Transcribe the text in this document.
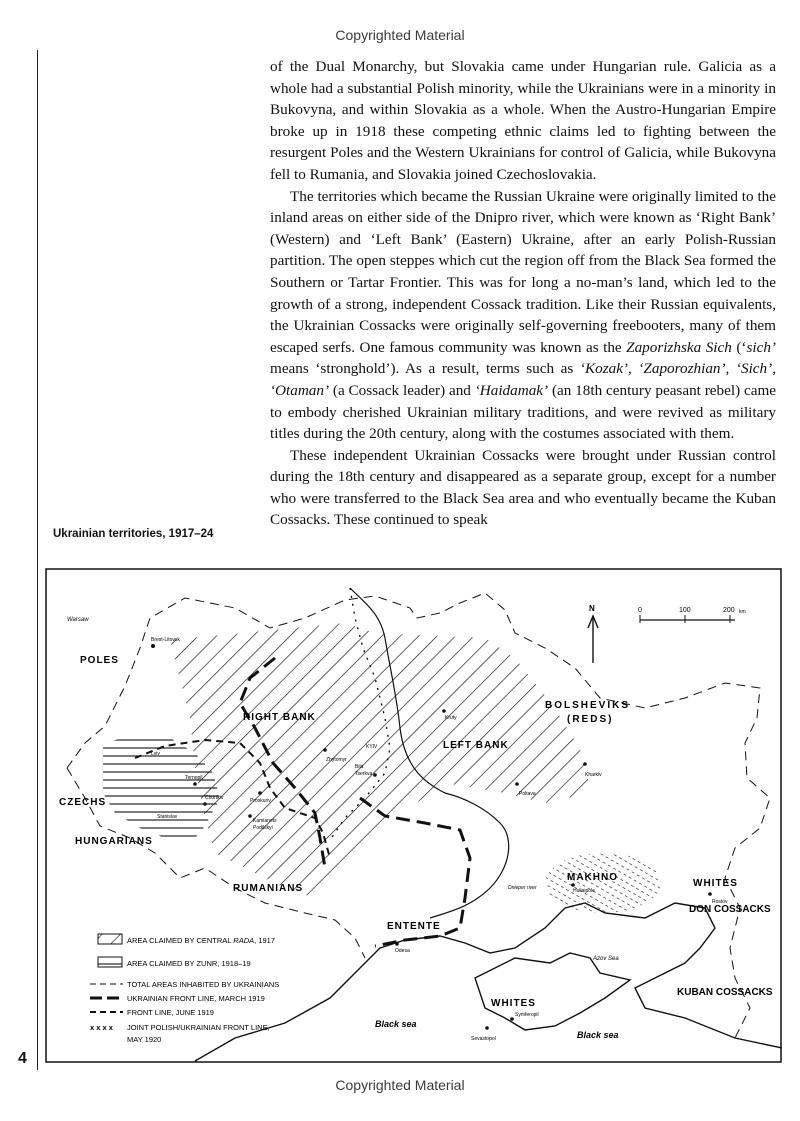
Copyrighted Material

of the Dual Monarchy, but Slovakia came under Hungarian rule. Galicia as a whole had a substantial Polish minority, while the Ukrainians were in a minority in Bukovyna, and within Slovakia as a whole. When the Austro-Hungarian Empire broke up in 1918 these competing ethnic claims led to fighting between the resurgent Poles and the Western Ukrainians for control of Galicia, while Bukovyna fell to Rumania, and Slovakia joined Czechoslovakia.

The territories which became the Russian Ukraine were originally limited to the inland areas on either side of the Dnipro river, which were known as ‘Right Bank’ (Western) and ‘Left Bank’ (Eastern) Ukraine, after an early Polish-Russian partition. The open steppes which cut the region off from the Black Sea formed the Southern or Tartar Frontier. This was for long a no-man’s land, which led to the growth of a strong, independent Cossack tradition. Like their Russian equivalents, the Ukrainian Cossacks were originally self-governing freebooters, many of them escaped serfs. One famous community was known as the Zaporizhska Sich (‘sich’ means ‘stronghold’). As a result, terms such as ‘Kozak’, ‘Zaporozhian’, ‘Sich’, ‘Otaman’ (a Cossack leader) and ‘Haidamak’ (an 18th century peasant rebel) came to embody cherished Ukrainian military traditions, and were revived as military titles during the 20th century, along with the costumes associated with them.

These independent Ukrainian Cossacks were brought under Russian control during the 18th century and disappeared as a separate group, except for a number who were transferred to the Black Sea area and who eventually became the Kuban Cossacks. These continued to speak

Ukrainian territories, 1917–24
N	0	100	200 km
POLES
RIGHT BANK
LEFT BANK
BOLSHEVIKS
(REDS)
CZECHS
HUNGARIANS
RUMANIANS
ENTENTE
MAKHNO
WHITES
DON COSSACKS
WHITES
KUBAN COSSACKS
Black sea
Black sea
Azov Sea
Dnieper river
Warsaw
Brest-Litovsk
Lviv
Ternopil
Chortkiv
Stanislav
Zhytomyr
KYIV
Bila
Tserkva
Proskuriv
Kamianets
Podilskyi
Kruty
Poltava
Kharkiv
Huliaipole
Rostov
Odesa
Symferopil
Sevastopol
AREA CLAIMED BY CENTRAL RADA, 1917
AREA CLAIMED BY ZUNR, 1918–19
TOTAL AREAS INHABITED BY UKRAINIANS
UKRAINIAN FRONT LINE, MARCH 1919
FRONT LINE, JUNE 1919
x x x x JOINT POLISH/UKRAINIAN FRONT LINE,
MAY 1920
4
Copyrighted Material
